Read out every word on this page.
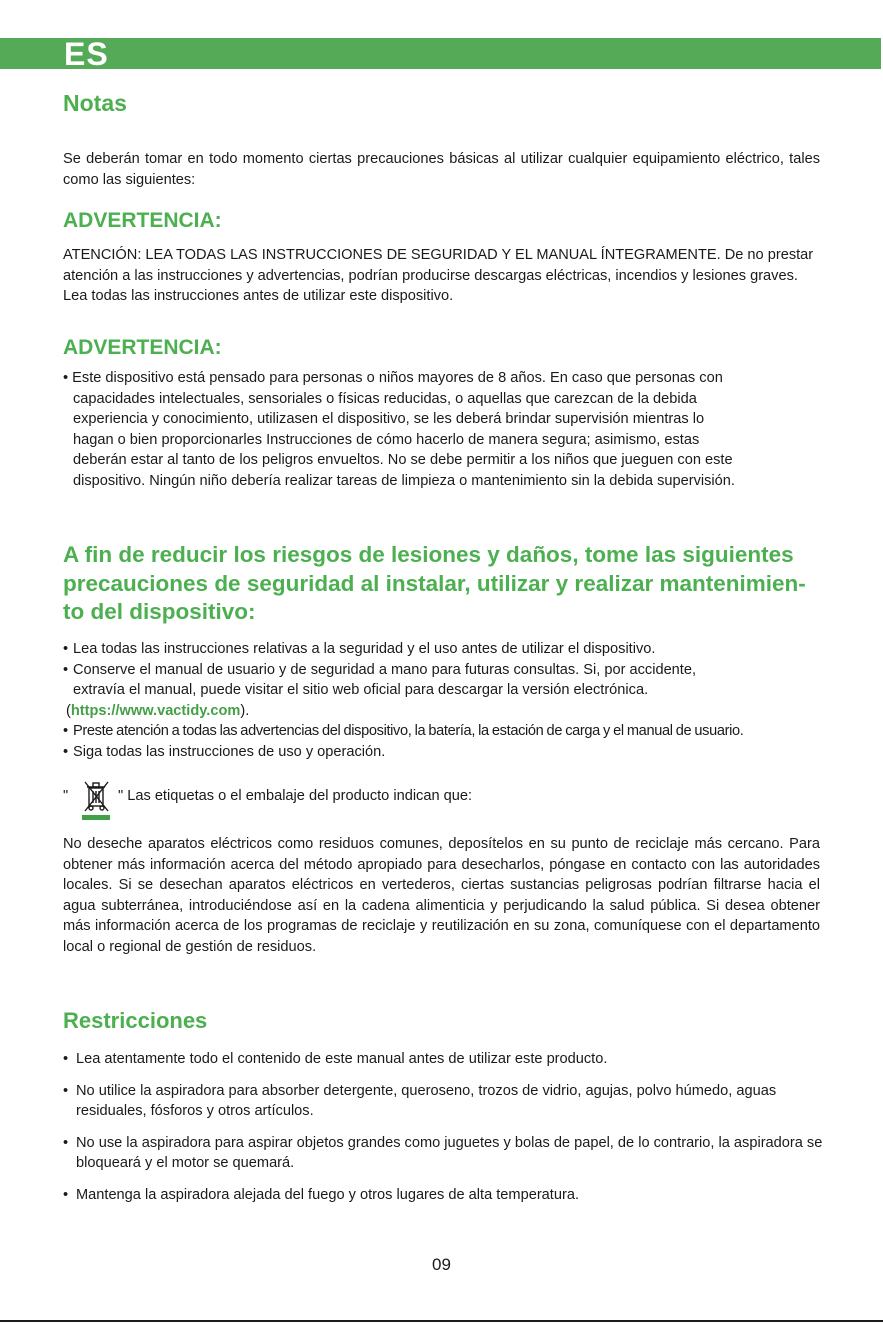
ES
Notas
Se deberán tomar en todo momento ciertas precauciones básicas al utilizar cualquier equipamiento eléctrico, tales como las siguientes:
ADVERTENCIA:
ATENCIÓN: LEA TODAS LAS INSTRUCCIONES DE SEGURIDAD Y EL MANUAL ÍNTEGRAMENTE. De no prestar atención a las instrucciones y advertencias, podrían producirse descargas eléctricas, incendios y lesiones graves. Lea todas las instrucciones antes de utilizar este dispositivo.
ADVERTENCIA:
• Este dispositivo está pensado para personas o niños mayores de 8 años. En caso que personas con
capacidades intelectuales, sensoriales o físicas reducidas, o aquellas que carezcan de la debida
experiencia y conocimiento, utilizasen el dispositivo, se les deberá brindar supervisión mientras lo
hagan o bien proporcionarles Instrucciones de cómo hacerlo de manera segura; asimismo, estas
deberán estar al tanto de los peligros envueltos. No se debe permitir a los niños que jueguen con este
dispositivo. Ningún niño debería realizar tareas de limpieza o mantenimiento sin la debida supervisión.
A fin de reducir los riesgos de lesiones y daños, tome las siguientes
precauciones de seguridad al instalar, utilizar y realizar mantenimien-
to del dispositivo:
• Lea todas las instrucciones relativas a la seguridad y el uso antes de utilizar el dispositivo.
• Conserve el manual de usuario y de seguridad a mano para futuras consultas. Si, por accidente,
extravía el manual, puede visitar el sitio web oficial para descargar la versión electrónica.
(https://www.vactidy.com).
• Preste atención a todas las advertencias del dispositivo, la batería, la estación de carga y el manual de usuario.
• Siga todas las instrucciones de uso y operación.
"	" Las etiquetas o el embalaje del producto indican que:
No deseche aparatos eléctricos como residuos comunes, deposítelos en su punto de reciclaje más cercano. Para obtener más información acerca del método apropiado para desecharlos, póngase en contacto con las autoridades locales. Si se desechan aparatos eléctricos en vertederos, ciertas sustancias peligrosas podrían filtrarse hacia el agua subterránea, introduciéndose así en la cadena alimenticia y perjudicando la salud pública. Si desea obtener más información acerca de los programas de reciclaje y reutilización en su zona, comuníquese con el departamento local o regional de gestión de residuos.
Restricciones
• Lea atentamente todo el contenido de este manual antes de utilizar este producto.
• No utilice la aspiradora para absorber detergente, queroseno, trozos de vidrio, agujas, polvo húmedo, aguas residuales, fósforos y otros artículos.
• No use la aspiradora para aspirar objetos grandes como juguetes y bolas de papel, de lo contrario, la aspiradora se bloqueará y el motor se quemará.
• Mantenga la aspiradora alejada del fuego y otros lugares de alta temperatura.
09
